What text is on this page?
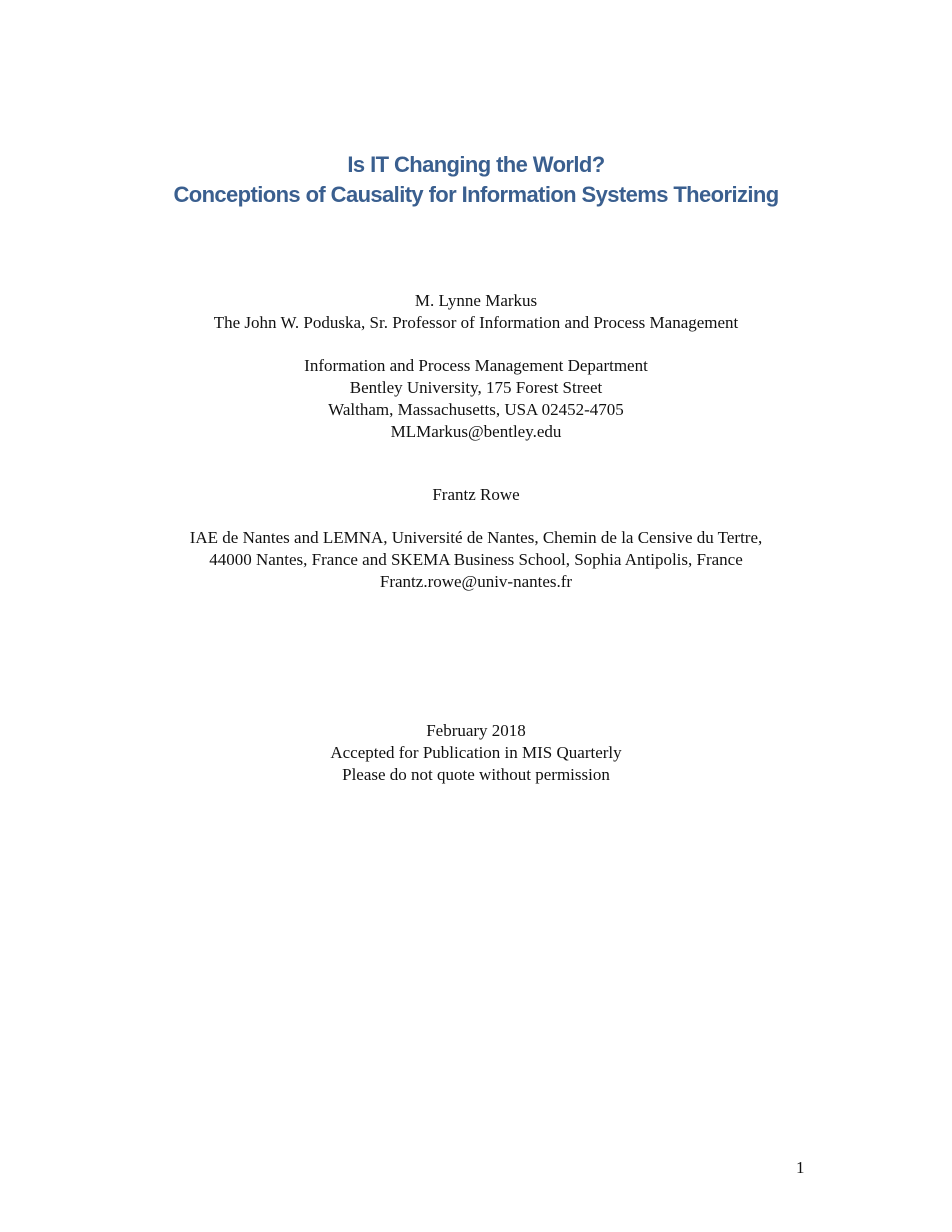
Is IT Changing the World?
Conceptions of Causality for Information Systems Theorizing
M. Lynne Markus
The John W. Poduska, Sr. Professor of Information and Process Management
Information and Process Management Department
Bentley University, 175 Forest Street
Waltham, Massachusetts, USA 02452-4705
MLMarkus@bentley.edu
Frantz Rowe
IAE de Nantes and LEMNA, Université de Nantes, Chemin de la Censive du Tertre,
44000 Nantes, France and SKEMA Business School, Sophia Antipolis, France
Frantz.rowe@univ-nantes.fr
February 2018
Accepted for Publication in MIS Quarterly
Please do not quote without permission
1
